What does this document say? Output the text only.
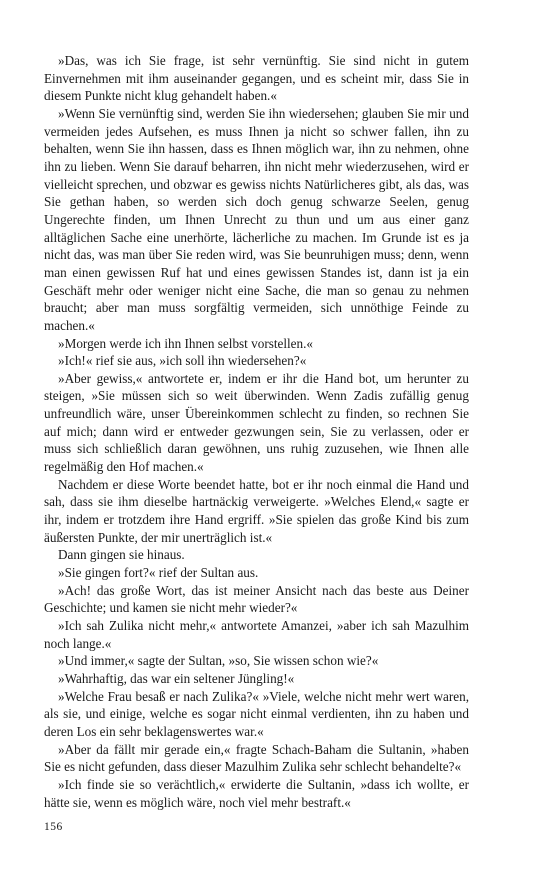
»Das, was ich Sie frage, ist sehr vernünftig. Sie sind nicht in gutem Einvernehmen mit ihm auseinander gegangen, und es scheint mir, dass Sie in diesem Punkte nicht klug gehandelt haben.«

»Wenn Sie vernünftig sind, werden Sie ihn wiedersehen; glauben Sie mir und vermeiden jedes Aufsehen, es muss Ihnen ja nicht so schwer fallen, ihn zu behalten, wenn Sie ihn hassen, dass es Ihnen möglich war, ihn zu nehmen, ohne ihn zu lieben. Wenn Sie darauf beharren, ihn nicht mehr wiederzusehen, wird er vielleicht sprechen, und obzwar es gewiss nichts Natürlicheres gibt, als das, was Sie gethan haben, so werden sich doch genug schwarze Seelen, genug Ungerechte finden, um Ihnen Unrecht zu thun und um aus einer ganz alltäglichen Sache eine unerhörte, lächerliche zu machen. Im Grunde ist es ja nicht das, was man über Sie reden wird, was Sie beunruhigen muss; denn, wenn man einen gewissen Ruf hat und eines gewissen Standes ist, dann ist ja ein Geschäft mehr oder weniger nicht eine Sache, die man so genau zu nehmen braucht; aber man muss sorgfältig vermeiden, sich unnöthige Feinde zu machen.«

»Morgen werde ich ihn Ihnen selbst vorstellen.«

»Ich!« rief sie aus, »ich soll ihn wiedersehen?«

»Aber gewiss,« antwortete er, indem er ihr die Hand bot, um herunter zu steigen, »Sie müssen sich so weit überwinden. Wenn Zadis zufällig genug unfreundlich wäre, unser Übereinkommen schlecht zu finden, so rechnen Sie auf mich; dann wird er entweder gezwungen sein, Sie zu verlassen, oder er muss sich schließlich daran gewöhnen, uns ruhig zuzusehen, wie Ihnen alle regelmäßig den Hof machen.«

Nachdem er diese Worte beendet hatte, bot er ihr noch einmal die Hand und sah, dass sie ihm dieselbe hartnäckig verweigerte. »Welches Elend,« sagte er ihr, indem er trotzdem ihre Hand ergriff. »Sie spielen das große Kind bis zum äußersten Punkte, der mir unerträglich ist.«

Dann gingen sie hinaus.

»Sie gingen fort?« rief der Sultan aus.

»Ach! das große Wort, das ist meiner Ansicht nach das beste aus Deiner Geschichte; und kamen sie nicht mehr wieder?«

»Ich sah Zulika nicht mehr,« antwortete Amanzei, »aber ich sah Mazulhim noch lange.«

»Und immer,« sagte der Sultan, »so, Sie wissen schon wie?«

»Wahrhaftig, das war ein seltener Jüngling!«

»Welche Frau besaß er nach Zulika?« »Viele, welche nicht mehr wert waren, als sie, und einige, welche es sogar nicht einmal verdienten, ihn zu haben und deren Los ein sehr beklagenswertes war.«

»Aber da fällt mir gerade ein,« fragte Schach-Baham die Sultanin, »haben Sie es nicht gefunden, dass dieser Mazulhim Zulika sehr schlecht behandelte?«

»Ich finde sie so verächtlich,« erwiderte die Sultanin, »dass ich wollte, er hätte sie, wenn es möglich wäre, noch viel mehr bestraft.«

156
